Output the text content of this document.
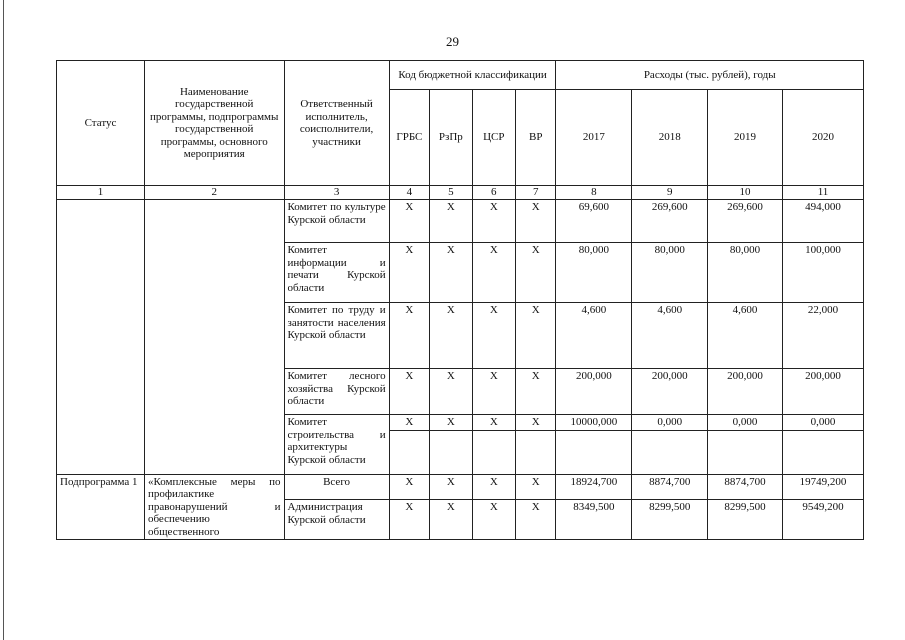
29
Статус	Наименование государственной программы, подпрограммы государственной программы, основного мероприятия	Ответственный исполнитель, соисполнители, участники	Код бюджетной классификации				Расходы (тыс. рублей), годы			
			ГРБС	РзПр	ЦСР	ВР	2017	2018	2019	2020
1	2	3	4	5	6	7	8	9	10	11
		Комитет по культуре Курской области	X	X	X	X	69,600	269,600	269,600	494,000
		Комитет информации и печати Курской области	X	X	X	X	80,000	80,000	80,000	100,000
		Комитет по труду и занятости населения Курской области	X	X	X	X	4,600	4,600	4,600	22,000
		Комитет лесного хозяйства Курской области	X	X	X	X	200,000	200,000	200,000	200,000
		Комитет строительства и архитектуры Курской области	X	X	X	X	10000,000	0,000	0,000	0,000

Подпрограмма 1	«Комплексные меры по профилактике правонарушений и обеспечению общественного	Всего	X	X	X	X	18924,700	8874,700	8874,700	19749,200
		Администрация Курской области	X	X	X	X	8349,500	8299,500	8299,500	9549,200
